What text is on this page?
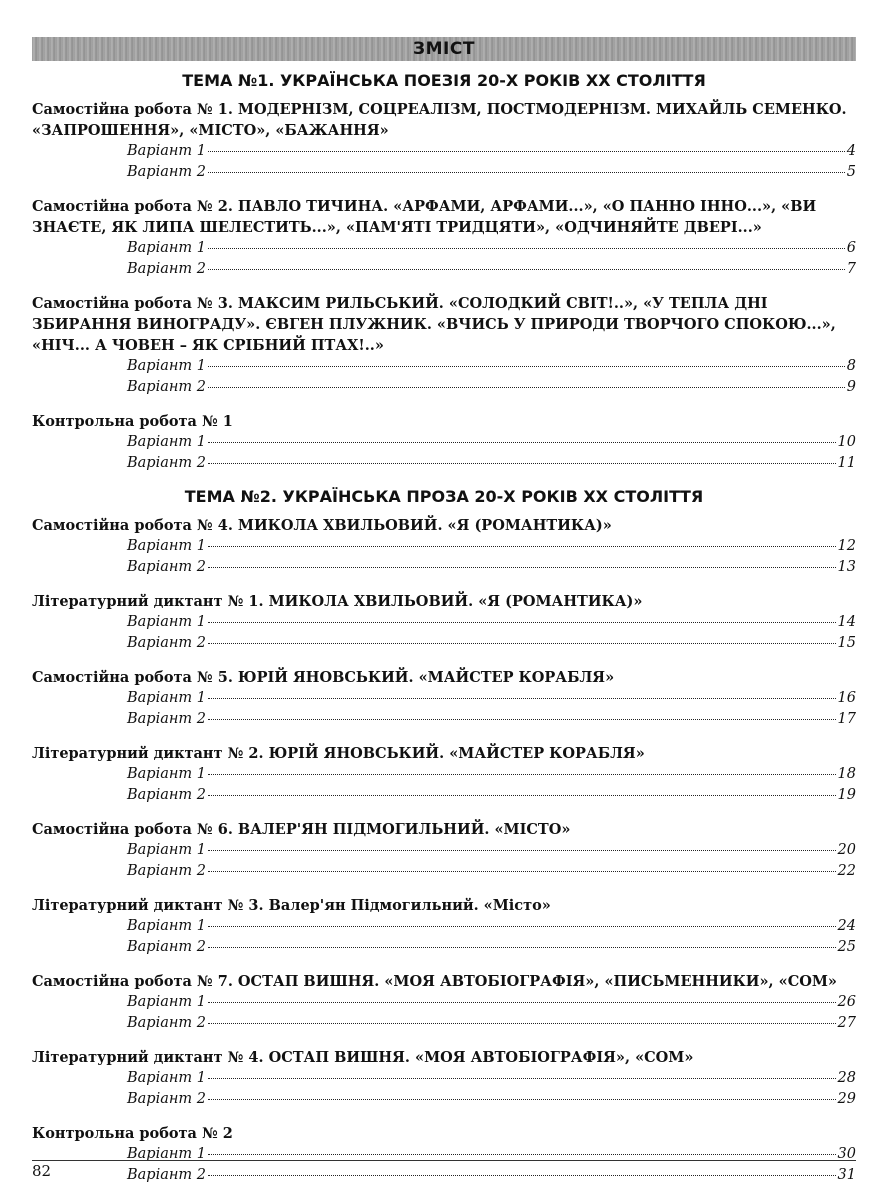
ЗМІСТ
ТЕМА №1. УКРАЇНСЬКА ПОЕЗІЯ 20-Х РОКІВ ХХ СТОЛІТТЯ
Самостійна робота № 1. МОДЕРНІЗМ, СОЦРЕАЛІЗМ, ПОСТМОДЕРНІЗМ. МИХАЙЛЬ СЕМЕНКО. «ЗАПРОШЕННЯ», «МІСТО», «БАЖАННЯ»
Варіант 1	4
Варіант 2	5
Самостійна робота № 2. ПАВЛО ТИЧИНА. «АРФАМИ, АРФАМИ...», «О ПАННО ІННО...», «ВИ ЗНАЄТЕ, ЯК ЛИПА ШЕЛЕСТИТЬ...», «ПАМ'ЯТІ ТРИДЦЯТИ», «ОДЧИНЯЙТЕ ДВЕРІ...»
Варіант 1	6
Варіант 2	7
Самостійна робота № 3. МАКСИМ РИЛЬСЬКИЙ. «СОЛОДКИЙ СВІТ!..», «У ТЕПЛА ДНІ ЗБИРАННЯ ВИНОГРАДУ». ЄВГЕН ПЛУЖНИК. «ВЧИСЬ У ПРИРОДИ ТВОРЧОГО СПОКОЮ...», «НІЧ... А ЧОВЕН – ЯК СРІБНИЙ ПТАХ!..»
Варіант 1	8
Варіант 2	9
Контрольна робота № 1
Варіант 1	10
Варіант 2	11
ТЕМА №2. УКРАЇНСЬКА ПРОЗА 20-Х РОКІВ ХХ СТОЛІТТЯ
Самостійна робота № 4. МИКОЛА ХВИЛЬОВИЙ. «Я (РОМАНТИКА)»
Варіант 1	12
Варіант 2	13
Літературний диктант № 1. МИКОЛА ХВИЛЬОВИЙ. «Я (РОМАНТИКА)»
Варіант 1	14
Варіант 2	15
Самостійна робота № 5. ЮРІЙ ЯНОВСЬКИЙ. «МАЙСТЕР КОРАБЛЯ»
Варіант 1	16
Варіант 2	17
Літературний диктант № 2. ЮРІЙ ЯНОВСЬКИЙ. «МАЙСТЕР КОРАБЛЯ»
Варіант 1	18
Варіант 2	19
Самостійна робота № 6. ВАЛЕР'ЯН ПІДМОГИЛЬНИЙ. «МІСТО»
Варіант 1	20
Варіант 2	22
Літературний диктант № 3. Валер'ян Підмогильний. «Місто»
Варіант 1	24
Варіант 2	25
Самостійна робота № 7. ОСТАП ВИШНЯ. «МОЯ АВТОБІОГРАФІЯ», «ПИСЬМЕННИКИ», «СОМ»
Варіант 1	26
Варіант 2	27
Літературний диктант № 4. ОСТАП ВИШНЯ. «МОЯ АВТОБІОГРАФІЯ», «СОМ»
Варіант 1	28
Варіант 2	29
Контрольна робота № 2
Варіант 1	30
Варіант 2	31
82
